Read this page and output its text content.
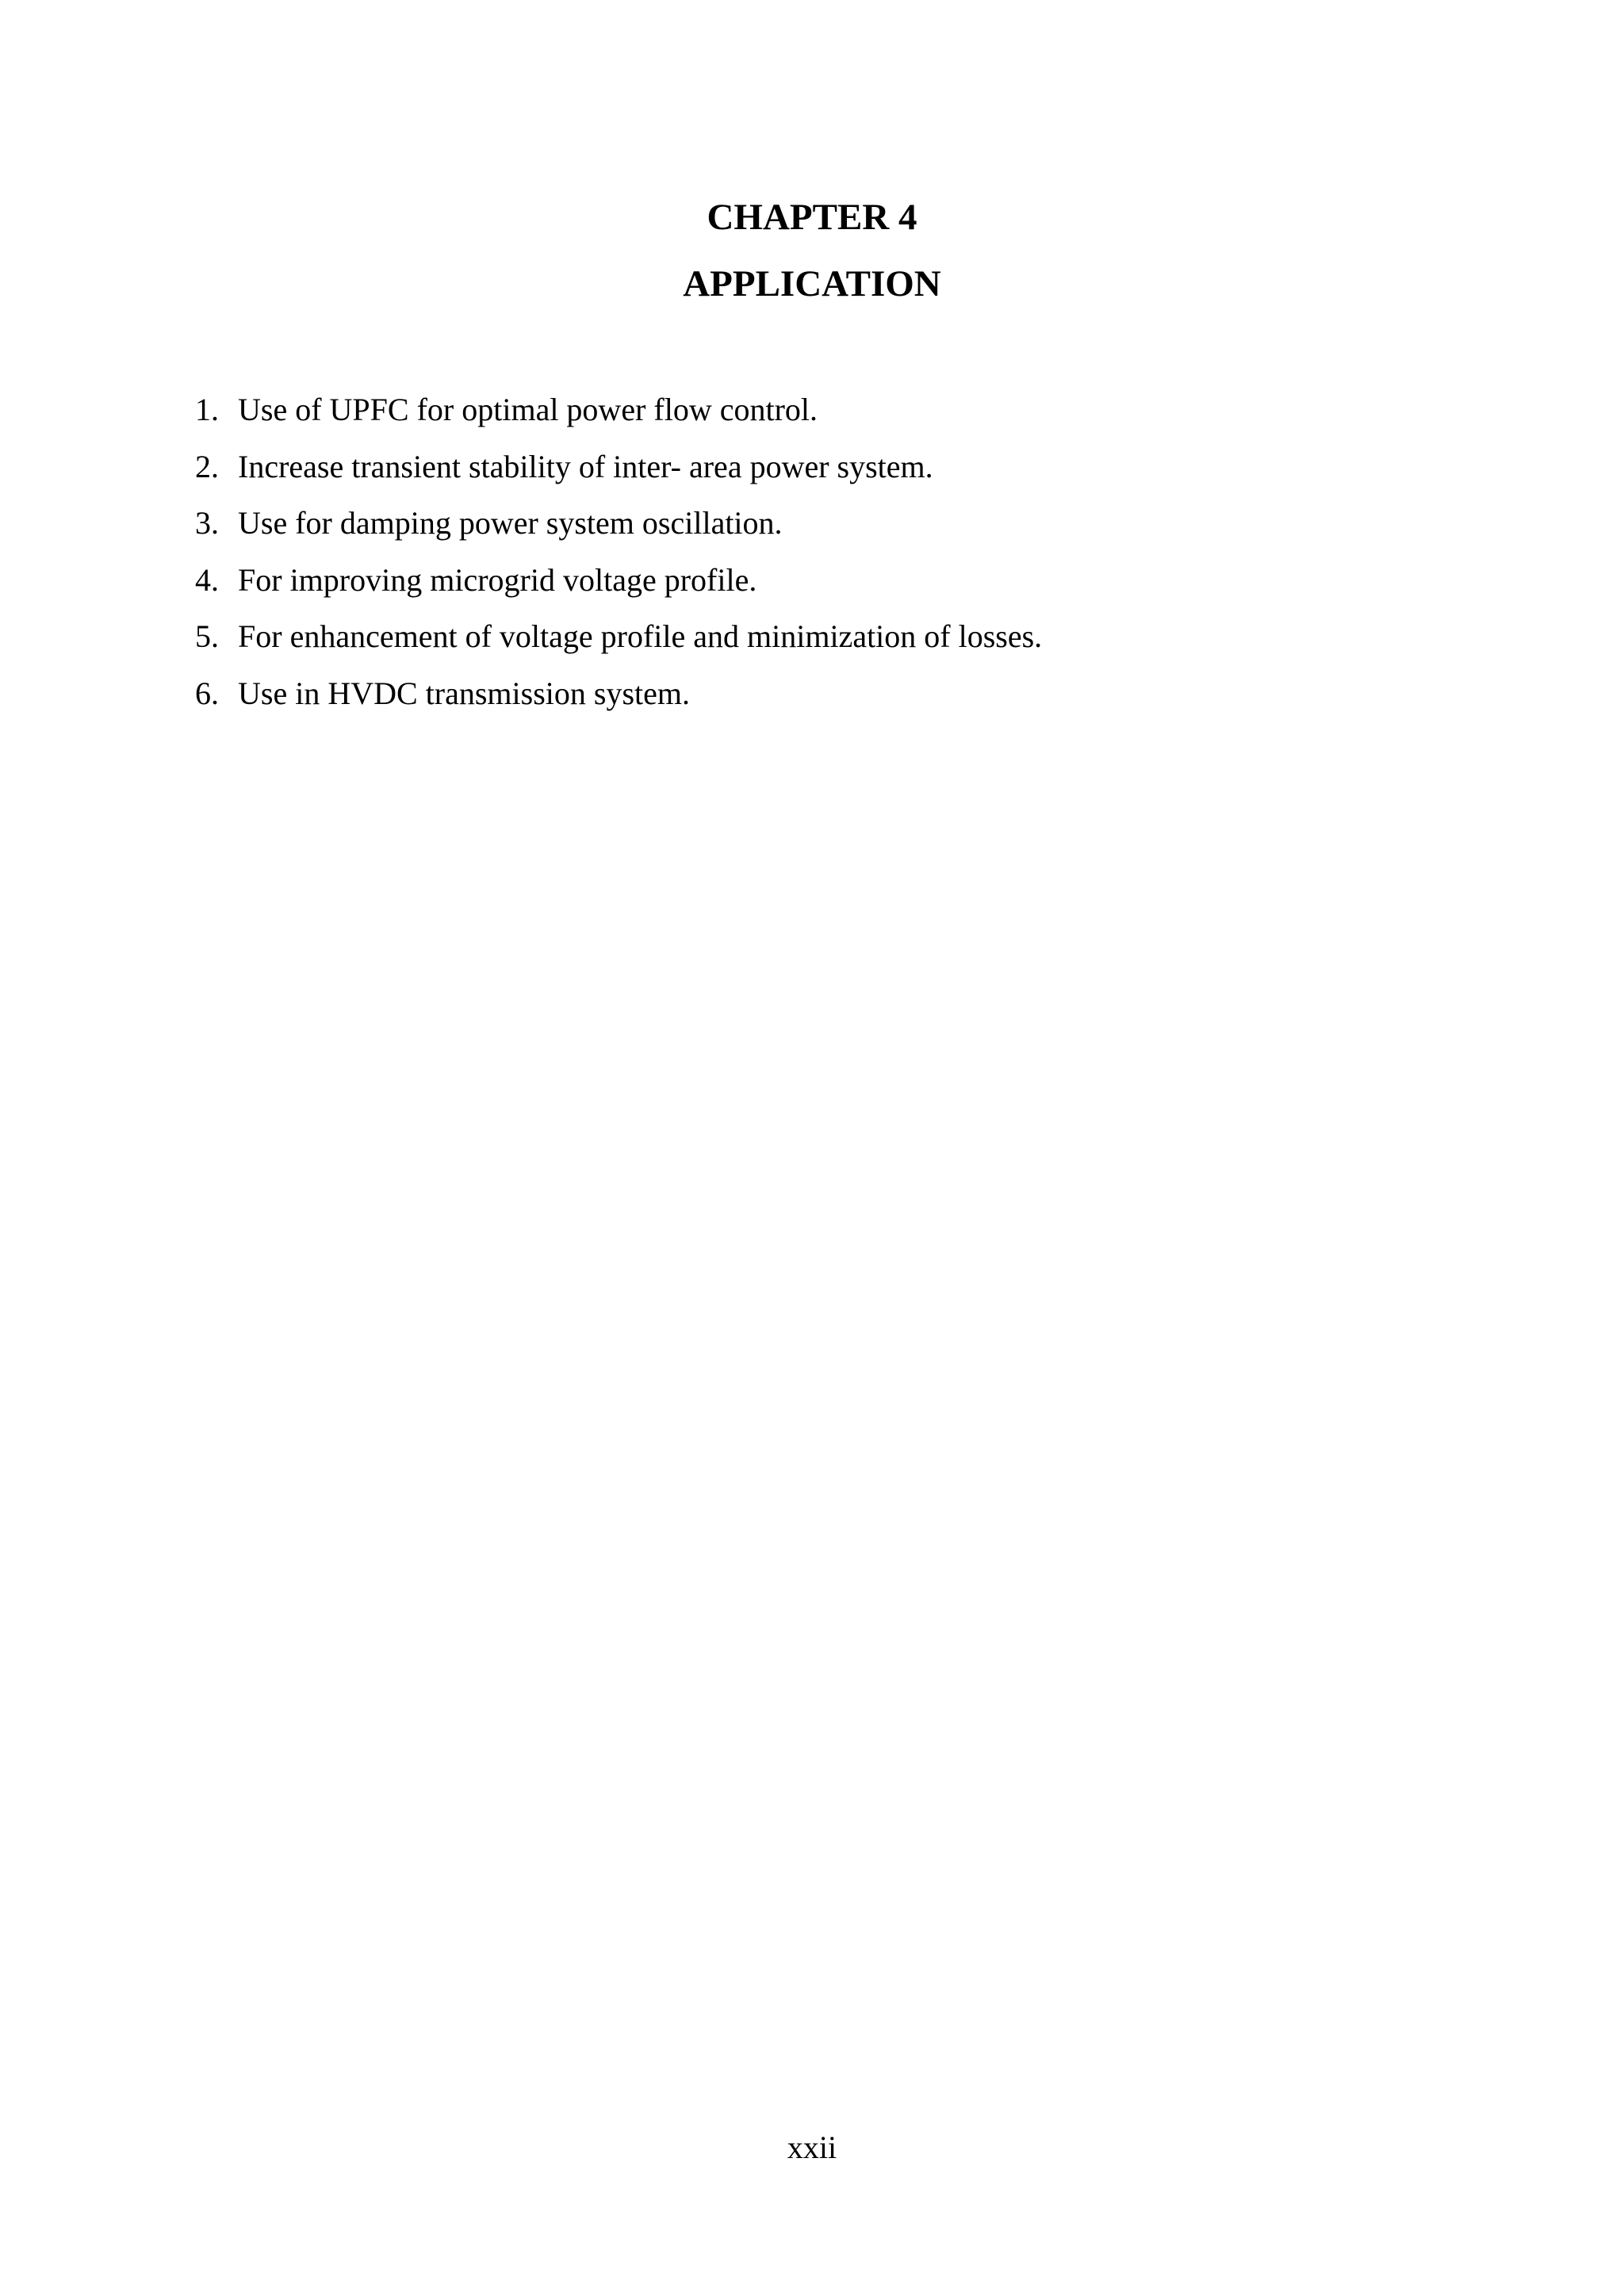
CHAPTER 4
APPLICATION
1. Use of UPFC for optimal power flow control.
2. Increase transient stability of inter- area power system.
3. Use for damping power system oscillation.
4. For improving microgrid voltage profile.
5. For enhancement of voltage profile and minimization of losses.
6. Use in HVDC transmission system.

xxii
